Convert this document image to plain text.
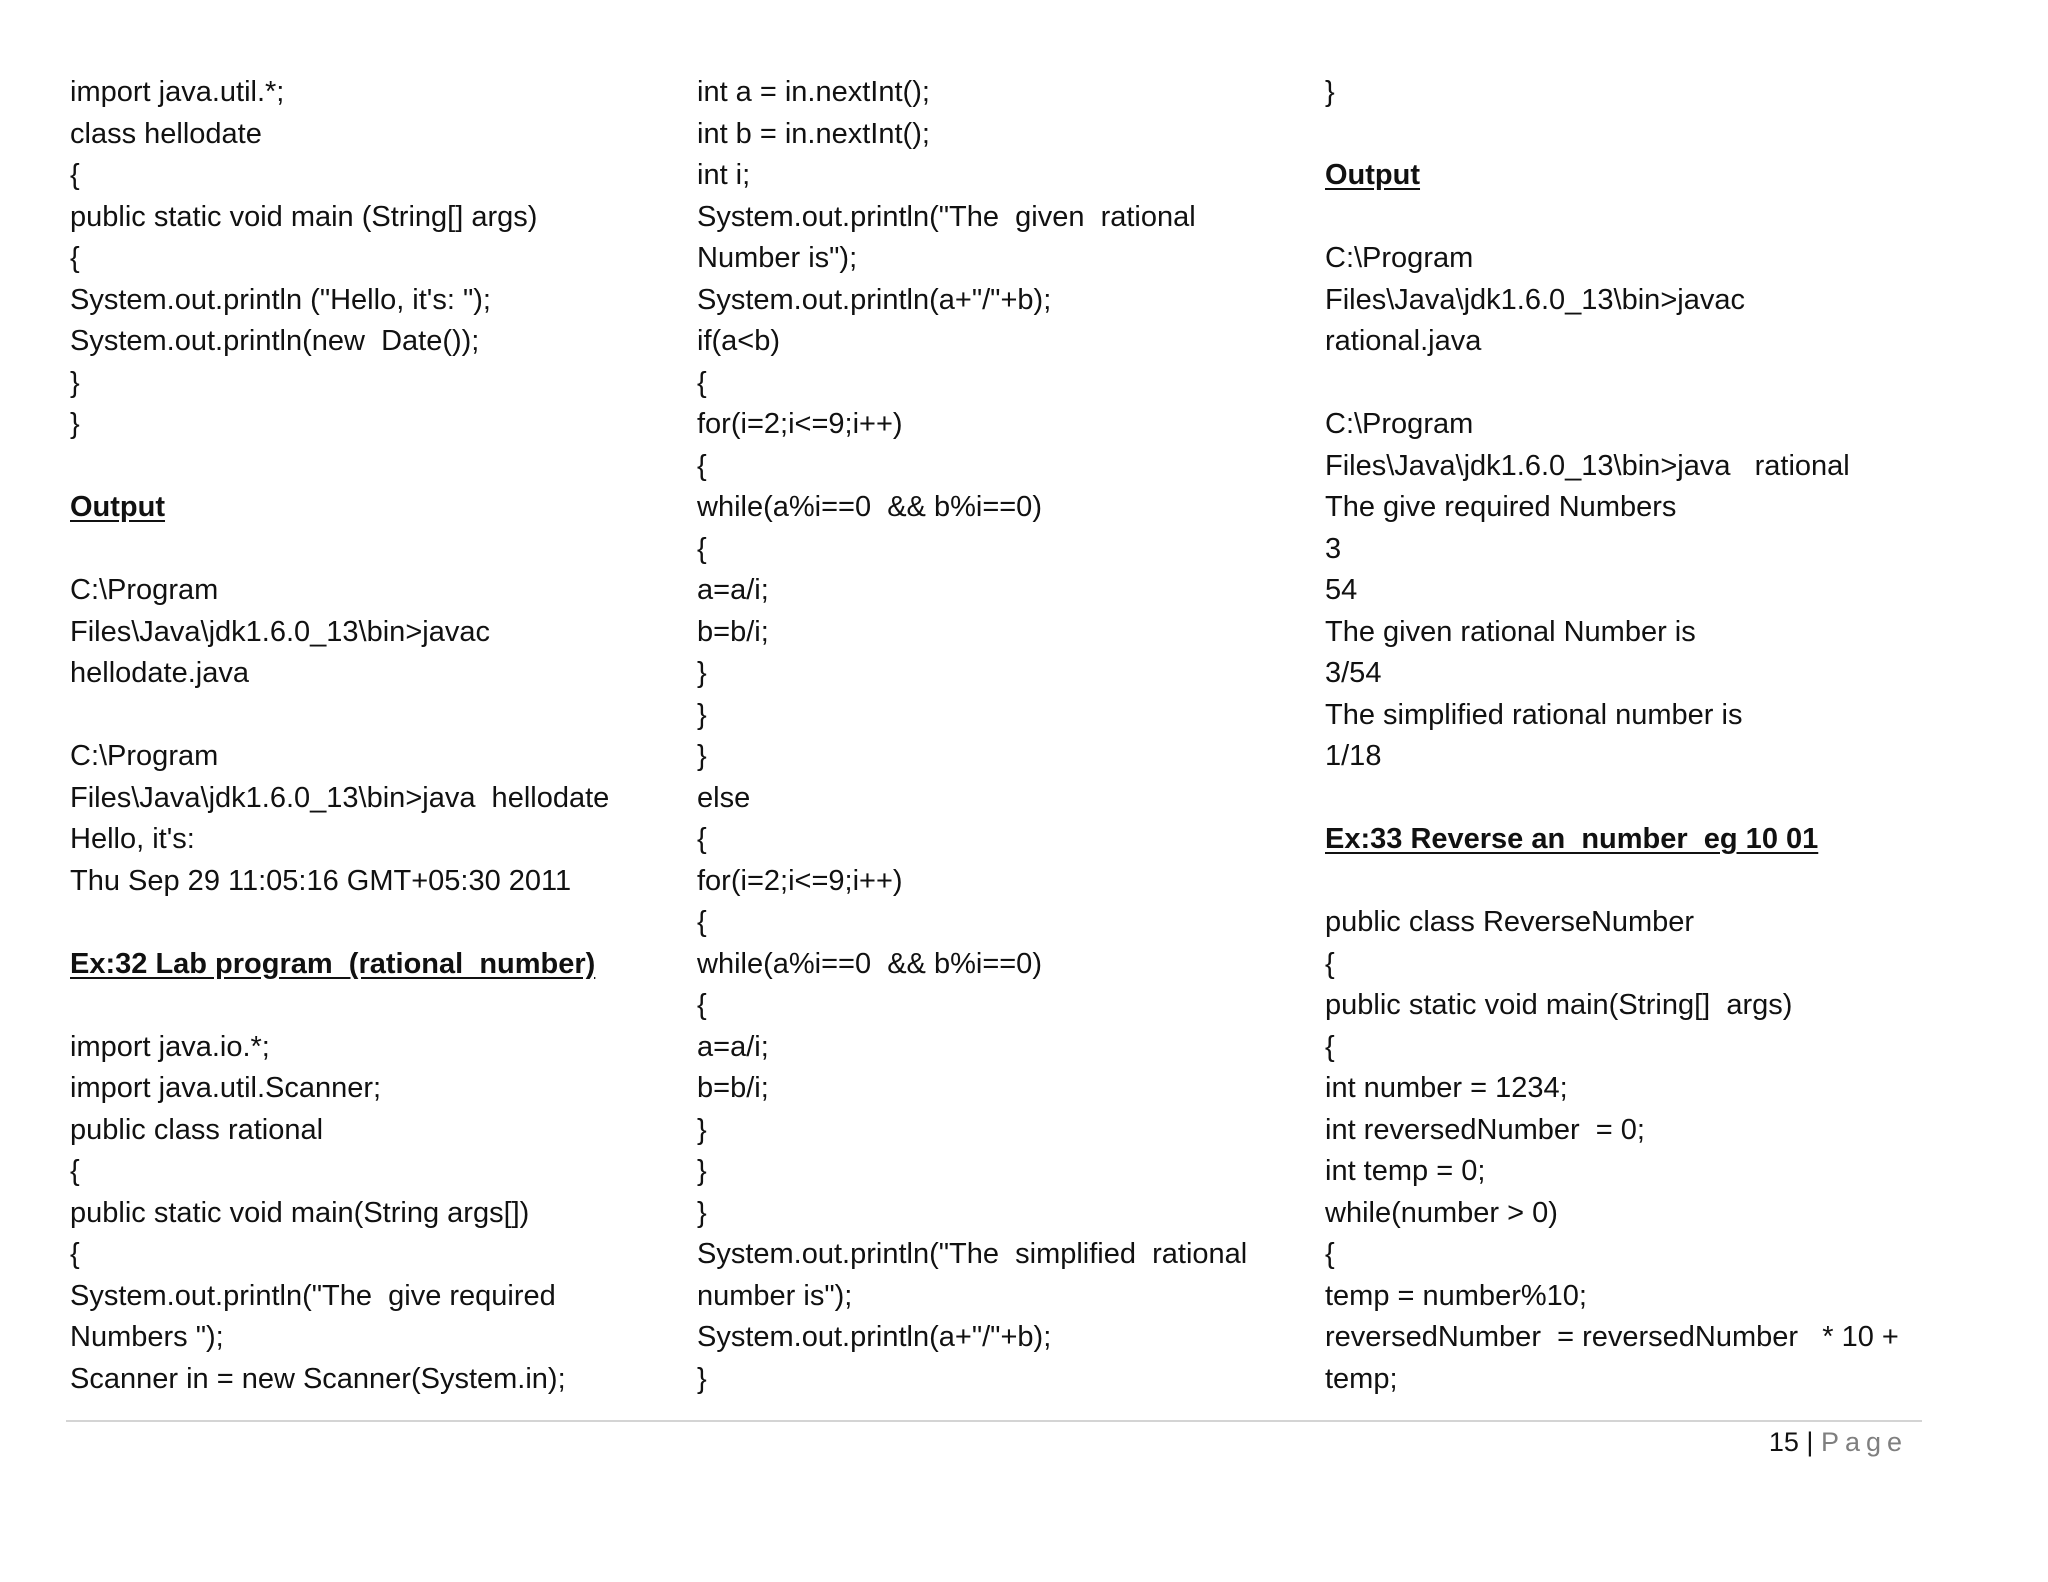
import java.util.*;
class hellodate
{
public static void main (String[] args)
{
System.out.println ("Hello, it's: ");
System.out.println(new  Date());
}
}
Output
C:\Program
Files\Java\jdk1.6.0_13\bin>javac
hellodate.java
C:\Program
Files\Java\jdk1.6.0_13\bin>java  hellodate
Hello, it's:
Thu Sep 29 11:05:16 GMT+05:30 2011
Ex:32 Lab program  (rational  number)
import java.io.*;
import java.util.Scanner;
public class rational
{
public static void main(String args[])
{
System.out.println("The  give required
Numbers ");
Scanner in = new Scanner(System.in);
int a = in.nextInt();
int b = in.nextInt();
int i;
System.out.println("The  given  rational
Number is");
System.out.println(a+"/"+b);
if(a<b)
{
for(i=2;i<=9;i++)
{
while(a%i==0  && b%i==0)
{
a=a/i;
b=b/i;
}
}
}
else
{
for(i=2;i<=9;i++)
{
while(a%i==0  && b%i==0)
{
a=a/i;
b=b/i;
}
}
}
System.out.println("The  simplified  rational
number is");
System.out.println(a+"/"+b);
}
}
Output
C:\Program
Files\Java\jdk1.6.0_13\bin>javac
rational.java
C:\Program
Files\Java\jdk1.6.0_13\bin>java   rational
The give required Numbers
3
54
The given rational Number is
3/54
The simplified rational number is
1/18
Ex:33 Reverse an  number  eg 10 01
public class ReverseNumber
{
public static void main(String[]  args)
{
int number = 1234;
int reversedNumber  = 0;
int temp = 0;
while(number > 0)
{
temp = number%10;
reversedNumber  = reversedNumber   * 10 +
temp;
15 | Page
